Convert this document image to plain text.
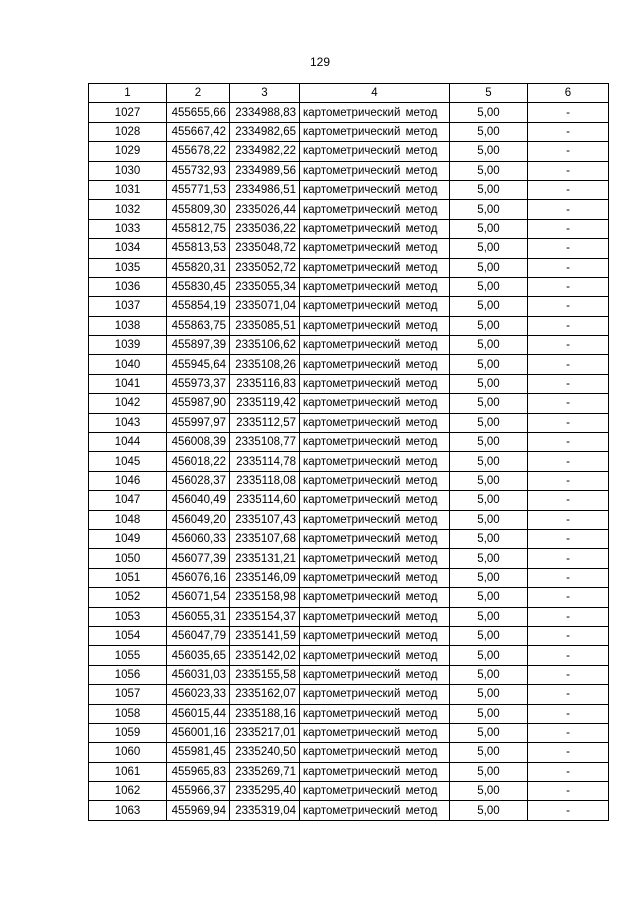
129
1	2	3	4	5	6
1027	455655,66	2334988,83	картометрический метод	5,00	-
1028	455667,42	2334982,65	картометрический метод	5,00	-
1029	455678,22	2334982,22	картометрический метод	5,00	-
1030	455732,93	2334989,56	картометрический метод	5,00	-
1031	455771,53	2334986,51	картометрический метод	5,00	-
1032	455809,30	2335026,44	картометрический метод	5,00	-
1033	455812,75	2335036,22	картометрический метод	5,00	-
1034	455813,53	2335048,72	картометрический метод	5,00	-
1035	455820,31	2335052,72	картометрический метод	5,00	-
1036	455830,45	2335055,34	картометрический метод	5,00	-
1037	455854,19	2335071,04	картометрический метод	5,00	-
1038	455863,75	2335085,51	картометрический метод	5,00	-
1039	455897,39	2335106,62	картометрический метод	5,00	-
1040	455945,64	2335108,26	картометрический метод	5,00	-
1041	455973,37	2335116,83	картометрический метод	5,00	-
1042	455987,90	2335119,42	картометрический метод	5,00	-
1043	455997,97	2335112,57	картометрический метод	5,00	-
1044	456008,39	2335108,77	картометрический метод	5,00	-
1045	456018,22	2335114,78	картометрический метод	5,00	-
1046	456028,37	2335118,08	картометрический метод	5,00	-
1047	456040,49	2335114,60	картометрический метод	5,00	-
1048	456049,20	2335107,43	картометрический метод	5,00	-
1049	456060,33	2335107,68	картометрический метод	5,00	-
1050	456077,39	2335131,21	картометрический метод	5,00	-
1051	456076,16	2335146,09	картометрический метод	5,00	-
1052	456071,54	2335158,98	картометрический метод	5,00	-
1053	456055,31	2335154,37	картометрический метод	5,00	-
1054	456047,79	2335141,59	картометрический метод	5,00	-
1055	456035,65	2335142,02	картометрический метод	5,00	-
1056	456031,03	2335155,58	картометрический метод	5,00	-
1057	456023,33	2335162,07	картометрический метод	5,00	-
1058	456015,44	2335188,16	картометрический метод	5,00	-
1059	456001,16	2335217,01	картометрический метод	5,00	-
1060	455981,45	2335240,50	картометрический метод	5,00	-
1061	455965,83	2335269,71	картометрический метод	5,00	-
1062	455966,37	2335295,40	картометрический метод	5,00	-
1063	455969,94	2335319,04	картометрический метод	5,00	-
